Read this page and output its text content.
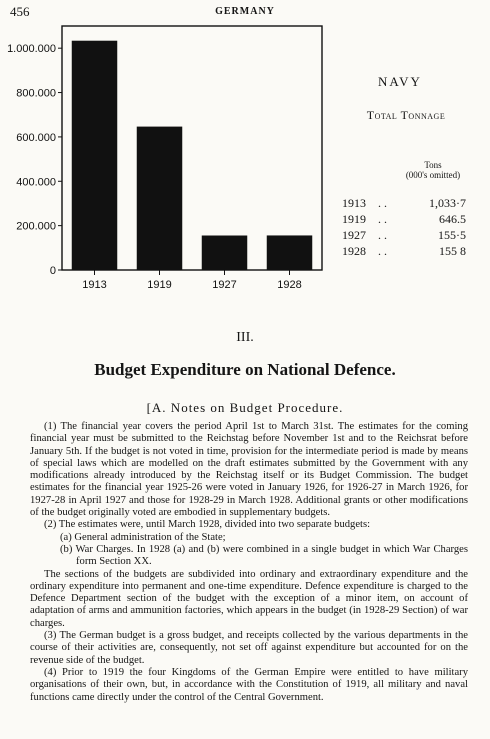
456	GERMANY
0
200.000
400.000
600.000
800.000
1.000.000
1913	1919	1927	1928
NAVY
Total Tonnage
Tons
(000's omitted)
1913 . .	1,033·7
1919 . .	646.5
1927 . .	155·5
1928 . .	155 8
III.
Budget Expenditure on National Defence.
[A. Notes on Budget Procedure.

(1) The financial year covers the period April 1st to March 31st. The estimates for the coming financial year must be submitted to the Reichstag before November 1st and to the Reichsrat before January 5th. If the budget is not voted in time, provision for the intermediate period is made by means of special laws which are modelled on the draft estimates submitted by the Government with any modifications already introduced by the Reichstag itself or its Budget Commission. The budget estimates for the financial year 1925-26 were voted in January 1926, for 1926-27 in March 1926, for 1927-28 in April 1927 and those for 1928-29 in March 1928. Additional grants or other modifications of the budget originally voted are embodied in supplementary budgets.

(2) The estimates were, until March 1928, divided into two separate budgets:

(a) General administration of the State;

(b) War Charges. In 1928 (a) and (b) were combined in a single budget in which War Charges form Section XX.

The sections of the budgets are subdivided into ordinary and extraordinary expenditure and the ordinary expenditure into permanent and one-time expenditure. Defence expenditure is charged to the Defence Department section of the budget with the exception of a minor item, on account of adaptation of arms and ammunition factories, which appears in the budget (in 1928-29 Section) of war charges.

(3) The German budget is a gross budget, and receipts collected by the various departments in the course of their activities are, consequently, not set off against expenditure but accounted for on the revenue side of the budget.

(4) Prior to 1919 the four Kingdoms of the German Empire were entitled to have military organisations of their own, but, in accordance with the Constitution of 1919, all military and naval functions came directly under the control of the Central Government.
